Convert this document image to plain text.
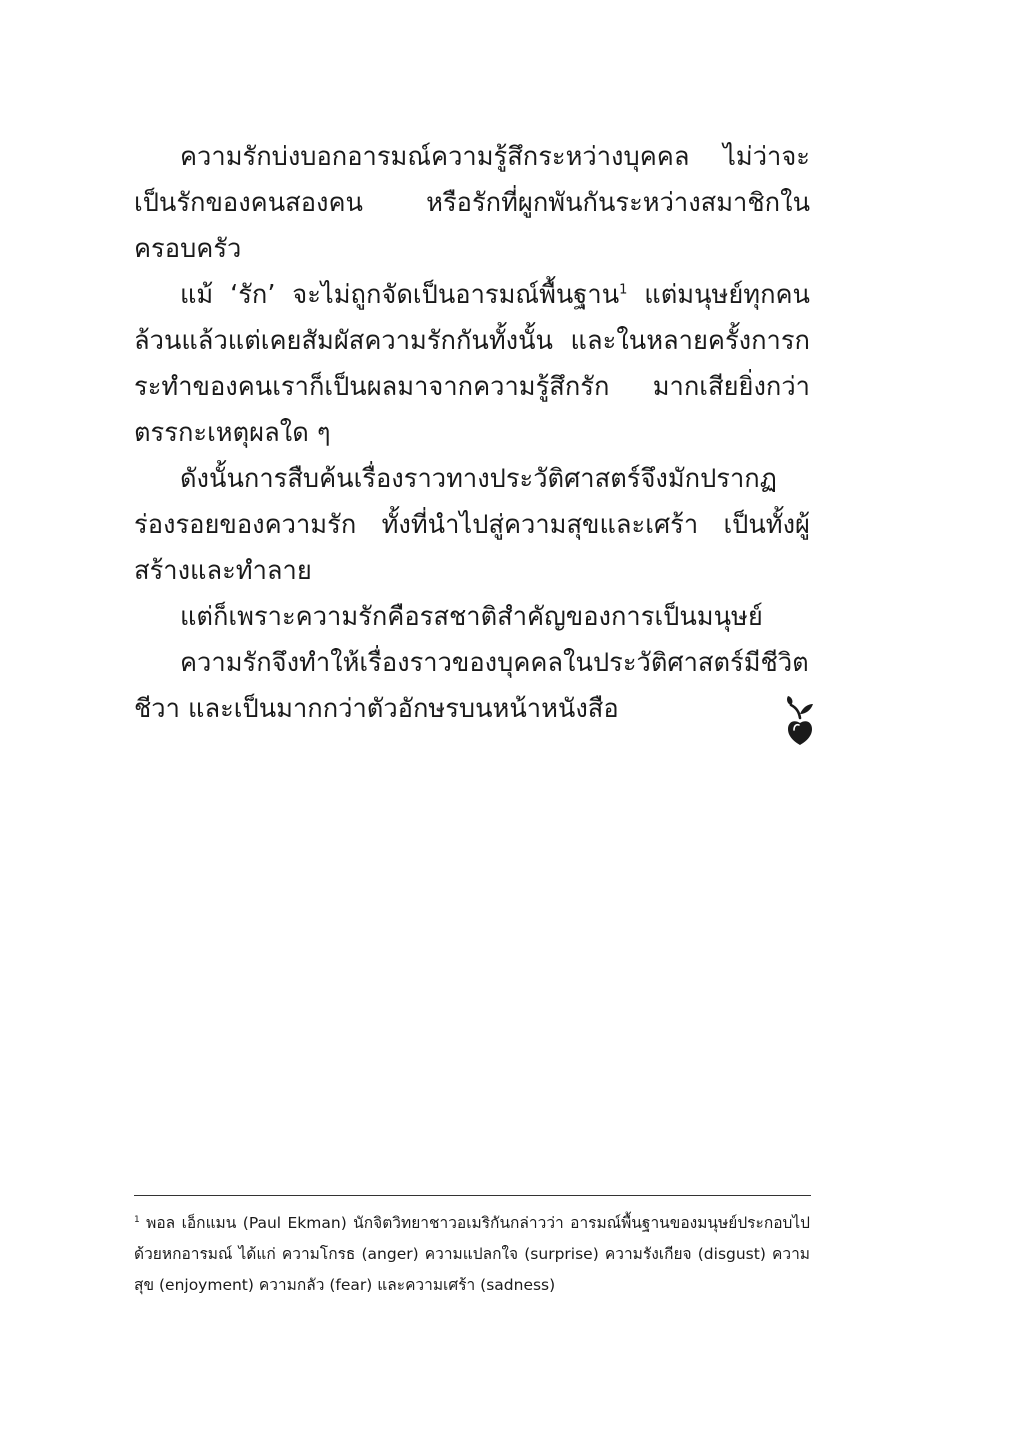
ความรักบ่งบอกอารมณ์ความรู้สึกระหว่างบุคคล ไม่ว่าจะเป็นรักของคนสองคน หรือรักที่ผูกพันกันระหว่างสมาชิกในครอบครัว

แม้ ‘รัก’ จะไม่ถูกจัดเป็นอารมณ์พื้นฐาน$^1$ แต่มนุษย์ทุกคนล้วนแล้วแต่เคยสัมผัสความรักกันทั้งนั้น และในหลายครั้งการกระทำของคนเราก็เป็นผลมาจากความรู้สึกรัก มากเสียยิ่งกว่าตรรกะเหตุผลใด ๆ

ดังนั้นการสืบค้นเรื่องราวทางประวัติศาสตร์จึงมักปรากฏร่องรอยของความรัก ทั้งที่นำไปสู่ความสุขและเศร้า เป็นทั้งผู้สร้างและทำลาย

แต่ก็เพราะความรักคือรสชาติสำคัญของการเป็นมนุษย์

ความรักจึงทำให้เรื่องราวของบุคคลในประวัติศาสตร์มีชีวิตชีวา และเป็นมากกว่าตัวอักษรบนหน้าหนังสือ

$^1$ พอล เอ็กแมน (Paul Ekman) นักจิตวิทยาชาวอเมริกันกล่าวว่า อารมณ์พื้นฐานของมนุษย์ประกอบไปด้วยหกอารมณ์ ได้แก่ ความโกรธ (anger) ความแปลกใจ (surprise) ความรังเกียจ (disgust) ความสุข (enjoyment) ความกลัว (fear) และความเศร้า (sadness)
